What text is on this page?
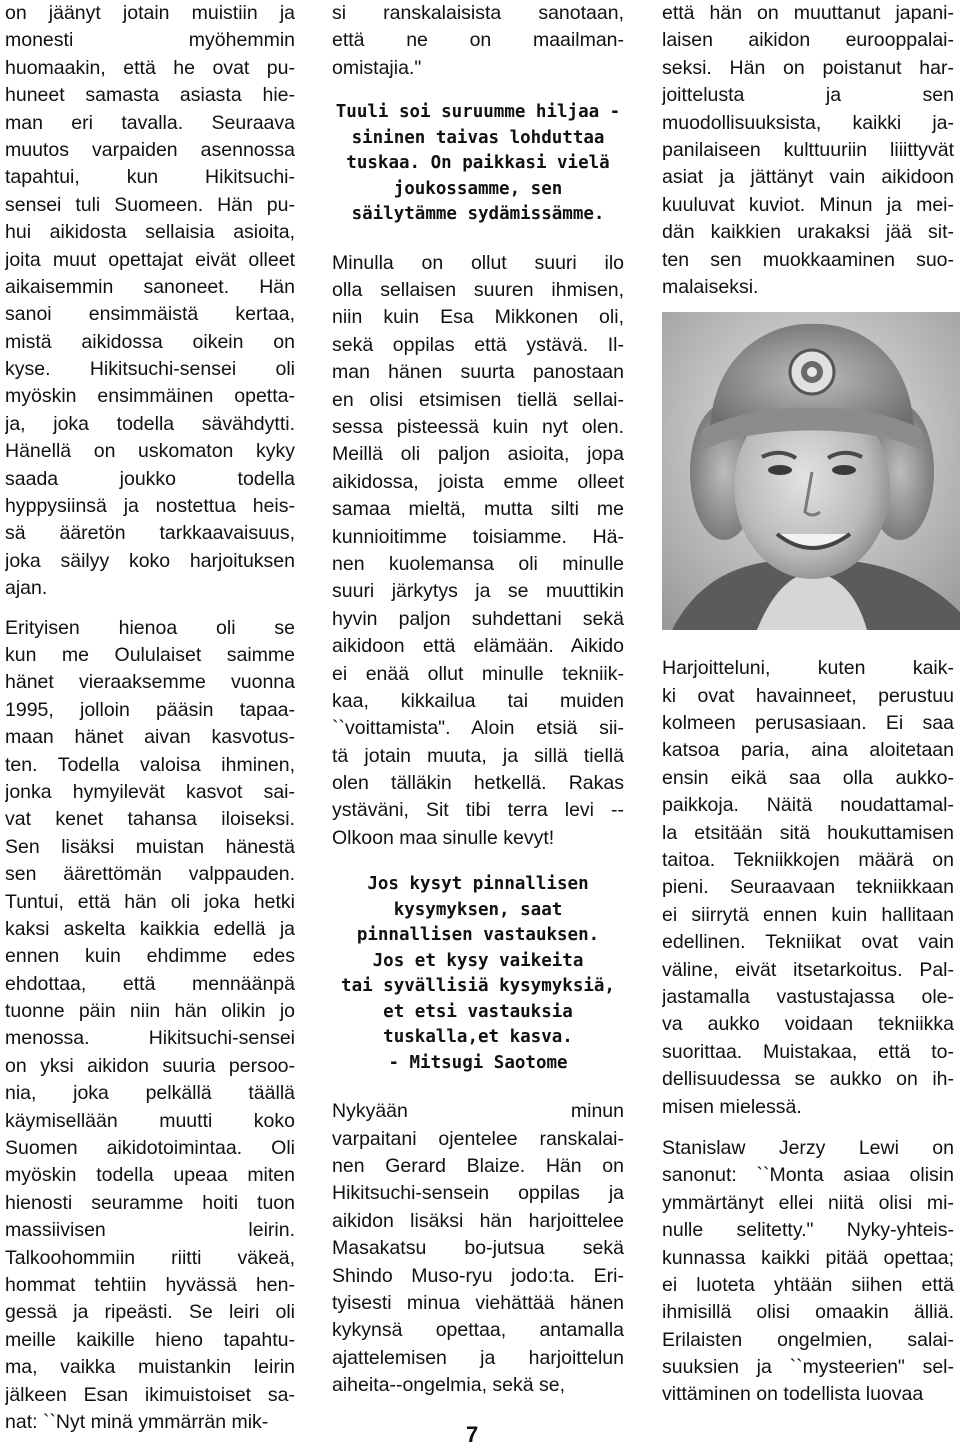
on jäänyt jotain muistiin ja
monesti myöhemmin
huomaakin, että he ovat pu-
huneet samasta asiasta hie-
man eri tavalla. Seuraava
muutos varpaiden asennossa
tapahtui, kun Hikitsuchi-
sensei tuli Suomeen. Hän pu-
hui aikidosta sellaisia asioita,
joita muut opettajat eivät olleet
aikaisemmin sanoneet. Hän
sanoi ensimmäistä kertaa,
mistä aikidossa oikein on
kyse. Hikitsuchi-sensei oli
myöskin ensimmäinen opetta-
ja, joka todella sävähdytti.
Hänellä on uskomaton kyky
saada joukko todella
hyppysiinsä ja nostettua heis-
sä ääretön tarkkaavaisuus,
joka säilyy koko harjoituksen
ajan.
Erityisen hienoa oli se
kun me Oululaiset saimme
hänet vieraaksemme vuonna
1995, jolloin pääsin tapaa-
maan hänet aivan kasvotus-
ten. Todella valoisa ihminen,
jonka hymyilevät kasvot sai-
vat kenet tahansa iloiseksi.
Sen lisäksi muistan hänestä
sen äärettömän valppauden.
Tuntui, että hän oli joka hetki
kaksi askelta kaikkia edellä ja
ennen kuin ehdimme edes
ehdottaa, että mennäänpä
tuonne päin niin hän olikin jo
menossa. Hikitsuchi-sensei
on yksi aikidon suuria persoo-
nia, joka pelkällä täällä
käymisellään muutti koko
Suomen aikidotoimintaa. Oli
myöskin todella upeaa miten
hienosti seuramme hoiti tuon
massiivisen leirin.
Talkoohommiin riitti väkeä,
hommat tehtiin hyvässä hen-
gessä ja ripeästi. Se leiri oli
meille kaikille hieno tapahtu-
ma, vaikka muistankin leirin
jälkeen Esan ikimuistoiset sa-
nat: ``Nyt minä ymmärrän mik-
si ranskalaisista sanotaan,
että ne on maailman-
omistajia."
Tuuli soi suruumme hiljaa -
sininen taivas lohduttaa
tuskaa. On paikkasi vielä
joukossamme, sen
säilytämme sydämissämme.
Minulla on ollut suuri ilo
olla sellaisen suuren ihmisen,
niin kuin Esa Mikkonen oli,
sekä oppilas että ystävä. Il-
man hänen suurta panostaan
en olisi etsimisen tiellä sellai-
sessa pisteessä kuin nyt olen.
Meillä oli paljon asioita, jopa
aikidossa, joista emme olleet
samaa mieltä, mutta silti me
kunnioitimme toisiamme. Hä-
nen kuolemansa oli minulle
suuri järkytys ja se muuttikin
hyvin paljon suhdettani sekä
aikidoon että elämään. Aikido
ei enää ollut minulle tekniik-
kaa, kikkailua tai muiden
``voittamista". Aloin etsiä sii-
tä jotain muuta, ja sillä tiellä
olen tälläkin hetkellä. Rakas
ystäväni, Sit tibi terra levi --
Olkoon maa sinulle kevyt!
Jos kysyt pinnallisen
kysymyksen, saat
pinnallisen vastauksen.
Jos et kysy vaikeita
tai syvällisiä kysymyksiä,
et etsi vastauksia
tuskalla,et kasva.
- Mitsugi Saotome
Nykyään minun
varpaitani ojentelee ranskalai-
nen Gerard Blaize. Hän on
Hikitsuchi-sensein oppilas ja
aikidon lisäksi hän harjoittelee
Masakatsu bo-jutsua sekä
Shindo Muso-ryu jodo:ta. Eri-
tyisesti minua viehättää hänen
kykynsä opettaa, antamalla
ajattelemisen ja harjoittelun
aiheita--ongelmia, sekä se,
että hän on muuttanut japani-
laisen aikidon eurooppalai-
seksi. Hän on poistanut har-
joittelusta ja sen
muodollisuuksista, kaikki ja-
panilaiseen kulttuuriin liiittyvät
asiat ja jättänyt vain aikidoon
kuuluvat kuviot. Minun ja mei-
dän kaikkien urakaksi jää sit-
ten sen muokkaaminen suo-
malaiseksi.
Harjoitteluni, kuten kaik-
ki ovat havainneet, perustuu
kolmeen perusasiaan. Ei saa
katsoa paria, aina aloitetaan
ensin eikä saa olla aukko-
paikkoja. Näitä noudattamal-
la etsitään sitä houkuttamisen
taitoa. Tekniikkojen määrä on
pieni. Seuraavaan tekniikkaan
ei siirrytä ennen kuin hallitaan
edellinen. Tekniikat ovat vain
väline, eivät itsetarkoitus. Pal-
jastamalla vastustajassa ole-
va aukko voidaan tekniikka
suorittaa. Muistakaa, että to-
dellisuudessa se aukko on ih-
misen mielessä.
Stanislaw Jerzy Lewi on
sanonut: ``Monta asiaa olisin
ymmärtänyt ellei niitä olisi mi-
nulle selitetty." Nyky-yhteis-
kunnassa kaikki pitää opettaa;
ei luoteta yhtään siihen että
ihmisillä olisi omaakin älliä.
Erilaisten ongelmien, salai-
suuksien ja ``mysteerien" sel-
vittäminen on todellista luovaa
7
